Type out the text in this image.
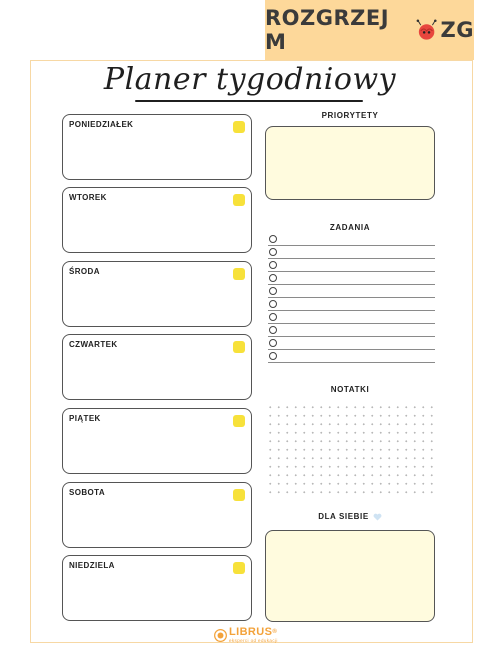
ROZGRZEJ M	ZG
Planer tygodniowy
PONIEDZIAŁEK
WTOREK
ŚRODA
CZWARTEK
PIĄTEK
SOBOTA
NIEDZIELA
PRIORYTETY
ZADANIA
NOTATKI
DLA SIEBIE
LIBRUS®
eksperci od edukacji
